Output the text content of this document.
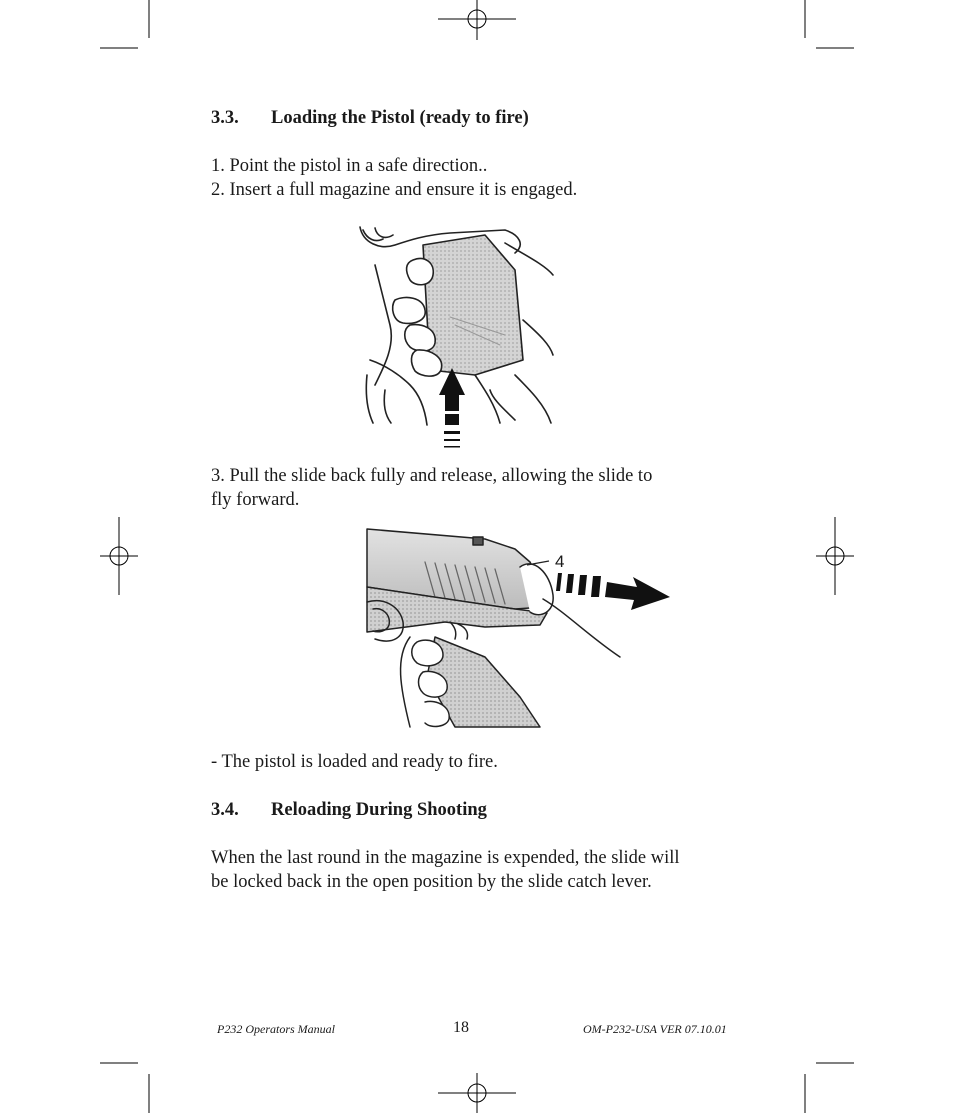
3.3. Loading the Pistol (ready to fire)
1. Point the pistol in a safe direction..
2. Insert a full magazine and ensure it is engaged.
3. Pull the slide back fully and release, allowing the slide to
fly forward.
4
- The pistol is loaded and ready to fire.
3.4. Reloading During Shooting
When the last round in the magazine is expended, the slide will
be locked back in the open position by the slide catch lever.
P232 Operators Manual	18	OM-P232-USA VER 07.10.01
